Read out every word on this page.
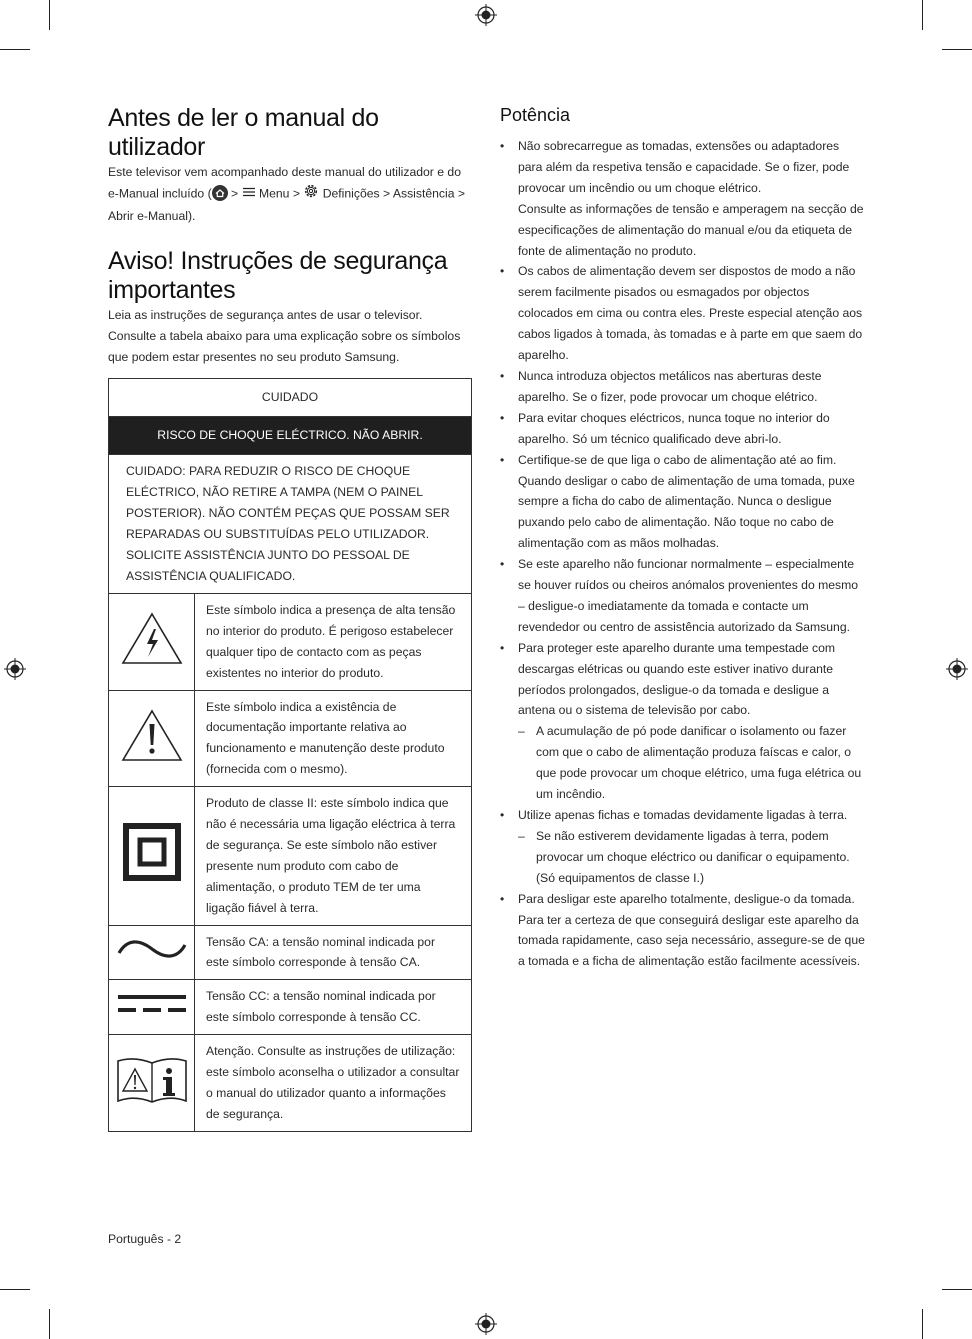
Antes de ler o manual do utilizador

Este televisor vem acompanhado deste manual do utilizador e do e-Manual incluído ( >  Menu >  Definições > Assistência > Abrir e-Manual).

Aviso! Instruções de segurança importantes

Leia as instruções de segurança antes de usar o televisor. Consulte a tabela abaixo para uma explicação sobre os símbolos que podem estar presentes no seu produto Samsung.

CUIDADO	
RISCO DE CHOQUE ELÉCTRICO. NÃO ABRIR.	
CUIDADO: PARA REDUZIR O RISCO DE CHOQUE ELÉCTRICO, NÃO RETIRE A TAMPA (NEM O PAINEL POSTERIOR). NÃO CONTÉM PEÇAS QUE POSSAM SER REPARADAS OU SUBSTITUÍDAS PELO UTILIZADOR. SOLICITE ASSISTÊNCIA JUNTO DO PESSOAL DE ASSISTÊNCIA QUALIFICADO.	
	Este símbolo indica a presença de alta tensão no interior do produto. É perigoso estabelecer qualquer tipo de contacto com as peças existentes no interior do produto.
	Este símbolo indica a existência de documentação importante relativa ao funcionamento e manutenção deste produto (fornecida com o mesmo).
	Produto de classe II: este símbolo indica que não é necessária uma ligação eléctrica à terra de segurança. Se este símbolo não estiver presente num produto com cabo de alimentação, o produto TEM de ter uma ligação fiável à terra.
	Tensão CA: a tensão nominal indicada por este símbolo corresponde à tensão CA.
	Tensão CC: a tensão nominal indicada por este símbolo corresponde à tensão CC.
	Atenção. Consulte as instruções de utilização: este símbolo aconselha o utilizador a consultar o manual do utilizador quanto a informações de segurança.
Potência
• Não sobrecarregue as tomadas, extensões ou adaptadores para além da respetiva tensão e capacidade. Se o fizer, pode provocar um incêndio ou um choque elétrico.
Consulte as informações de tensão e amperagem na secção de especificações de alimentação do manual e/ou da etiqueta de fonte de alimentação no produto.
• Os cabos de alimentação devem ser dispostos de modo a não serem facilmente pisados ou esmagados por objectos colocados em cima ou contra eles. Preste especial atenção aos cabos ligados à tomada, às tomadas e à parte em que saem do aparelho.
• Nunca introduza objectos metálicos nas aberturas deste aparelho. Se o fizer, pode provocar um choque elétrico.
• Para evitar choques eléctricos, nunca toque no interior do aparelho. Só um técnico qualificado deve abri-lo.
• Certifique-se de que liga o cabo de alimentação até ao fim. Quando desligar o cabo de alimentação de uma tomada, puxe sempre a ficha do cabo de alimentação. Nunca o desligue puxando pelo cabo de alimentação. Não toque no cabo de alimentação com as mãos molhadas.
• Se este aparelho não funcionar normalmente – especialmente se houver ruídos ou cheiros anómalos provenientes do mesmo – desligue-o imediatamente da tomada e contacte um revendedor ou centro de assistência autorizado da Samsung.
• Para proteger este aparelho durante uma tempestade com descargas elétricas ou quando este estiver inativo durante períodos prolongados, desligue-o da tomada e desligue a antena ou o sistema de televisão por cabo.
– A acumulação de pó pode danificar o isolamento ou fazer com que o cabo de alimentação produza faíscas e calor, o que pode provocar um choque elétrico, uma fuga elétrica ou um incêndio.
• Utilize apenas fichas e tomadas devidamente ligadas à terra.
– Se não estiverem devidamente ligadas à terra, podem provocar um choque eléctrico ou danificar o equipamento. (Só equipamentos de classe I.)
• Para desligar este aparelho totalmente, desligue-o da tomada. Para ter a certeza de que conseguirá desligar este aparelho da tomada rapidamente, caso seja necessário, assegure-se de que a tomada e a ficha de alimentação estão facilmente acessíveis.
Português - 2
